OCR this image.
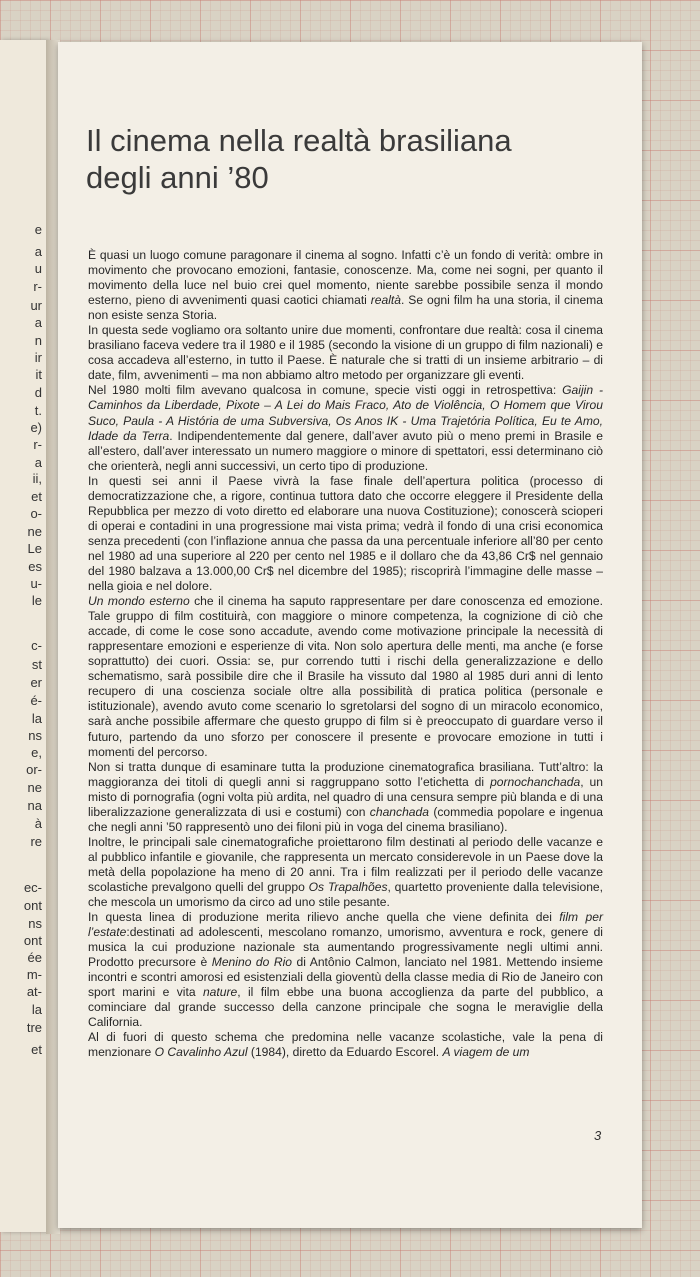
e
a
u
r-
ur
a
n
ir
it
d
t.
e)
r-
a
ii,
et
o-
ne
Le
es
u-
le
c-
st
er
é-
la
ns
e,
or-
ne
na
à
re
ec-
ont
ns
ont
ée
m-
at-
la
tre
et
Il cinema nella realtà brasiliana
degli anni ’80

È quasi un luogo comune paragonare il cinema al sogno. Infatti c’è un fondo di verità: ombre in movimento che provocano emozioni, fantasie, conoscenze. Ma, come nei sogni, per quanto il movimento della luce nel buio crei quel momento, niente sarebbe possibile senza il mondo esterno, pieno di avvenimenti quasi caotici chiamati realtà. Se ogni film ha una storia, il cinema non esiste senza Storia.

In questa sede vogliamo ora soltanto unire due momenti, confrontare due realtà: cosa il cinema brasiliano faceva vedere tra il 1980 e il 1985 (secondo la visione di un gruppo di film nazionali) e cosa accadeva all’esterno, in tutto il Paese. È naturale che si tratti di un insieme arbitrario – di date, film, avvenimenti – ma non abbiamo altro metodo per organizzare gli eventi.

Nel 1980 molti film avevano qualcosa in comune, specie visti oggi in retrospettiva: Gaijin - Caminhos da Liberdade, Pixote – A Lei do Mais Fraco, Ato de Violência, O Homem que Virou Suco, Paula - A História de uma Subversiva, Os Anos IK - Uma Trajetória Política, Eu te Amo, Idade da Terra. Indipendentemente dal genere, dall’aver avuto più o meno premi in Brasile e all’estero, dall’aver interessato un numero maggiore o minore di spettatori, essi determinano ciò che orienterà, negli anni successivi, un certo tipo di produzione.

In questi sei anni il Paese vivrà la fase finale dell’apertura politica (processo di democratizzazione che, a rigore, continua tuttora dato che occorre eleggere il Presidente della Repubblica per mezzo di voto diretto ed elaborare una nuova Costituzione); conoscerà scioperi di operai e contadini in una progressione mai vista prima; vedrà il fondo di una crisi economica senza precedenti (con l’inflazione annua che passa da una percentuale inferiore all’80 per cento nel 1980 ad una superiore al 220 per cento nel 1985 e il dollaro che da 43,86 Cr$ nel gennaio del 1980 balzava a 13.000,00 Cr$ nel dicembre del 1985); riscoprirà l’immagine delle masse – nella gioia e nel dolore.

Un mondo esterno che il cinema ha saputo rappresentare per dare conoscenza ed emozione. Tale gruppo di film costituirà, con maggiore o minore competenza, la cognizione di ciò che accade, di come le cose sono accadute, avendo come motivazione principale la necessità di rappresentare emozioni e esperienze di vita. Non solo apertura delle menti, ma anche (e forse soprattutto) dei cuori. Ossia: se, pur correndo tutti i rischi della generalizzazione e dello schematismo, sarà possibile dire che il Brasile ha vissuto dal 1980 al 1985 duri anni di lento recupero di una coscienza sociale oltre alla possibilità di pratica politica (personale e istituzionale), avendo avuto come scenario lo sgretolarsi del sogno di un miracolo economico, sarà anche possibile affermare che questo gruppo di film si è preoccupato di guardare verso il futuro, partendo da uno sforzo per conoscere il presente e provocare emozione in tutti i momenti del percorso.

Non si tratta dunque di esaminare tutta la produzione cinematografica brasiliana. Tutt’altro: la maggioranza dei titoli di quegli anni si raggruppano sotto l’etichetta di pornochanchada, un misto di pornografia (ogni volta più ardita, nel quadro di una censura sempre più blanda e di una liberalizzazione generalizzata di usi e costumi) con chanchada (commedia popolare e ingenua che negli anni ’50 rappresentò uno dei filoni più in voga del cinema brasiliano).

Inoltre, le principali sale cinematografiche proiettarono film destinati al periodo delle vacanze e al pubblico infantile e giovanile, che rappresenta un mercato considerevole in un Paese dove la metà della popolazione ha meno di 20 anni. Tra i film realizzati per il periodo delle vacanze scolastiche prevalgono quelli del gruppo Os Trapalhões, quartetto proveniente dalla televisione, che mescola un umorismo da circo ad uno stile pesante.

In questa linea di produzione merita rilievo anche quella che viene definita dei film per l’estate:destinati ad adolescenti, mescolano romanzo, umorismo, avventura e rock, genere di musica la cui produzione nazionale sta aumentando progressivamente negli ultimi anni. Prodotto precursore è Menino do Rio di Antônio Calmon, lanciato nel 1981. Mettendo insieme incontri e scontri amorosi ed esistenziali della gioventù della classe media di Rio de Janeiro con sport marini e vita nature, il film ebbe una buona accoglienza da parte del pubblico, a cominciare dal grande successo della canzone principale che sogna le meraviglie della California.

Al di fuori di questo schema che predomina nelle vacanze scolastiche, vale la pena di menzionare O Cavalinho Azul (1984), diretto da Eduardo Escorel. A viagem de um

3
